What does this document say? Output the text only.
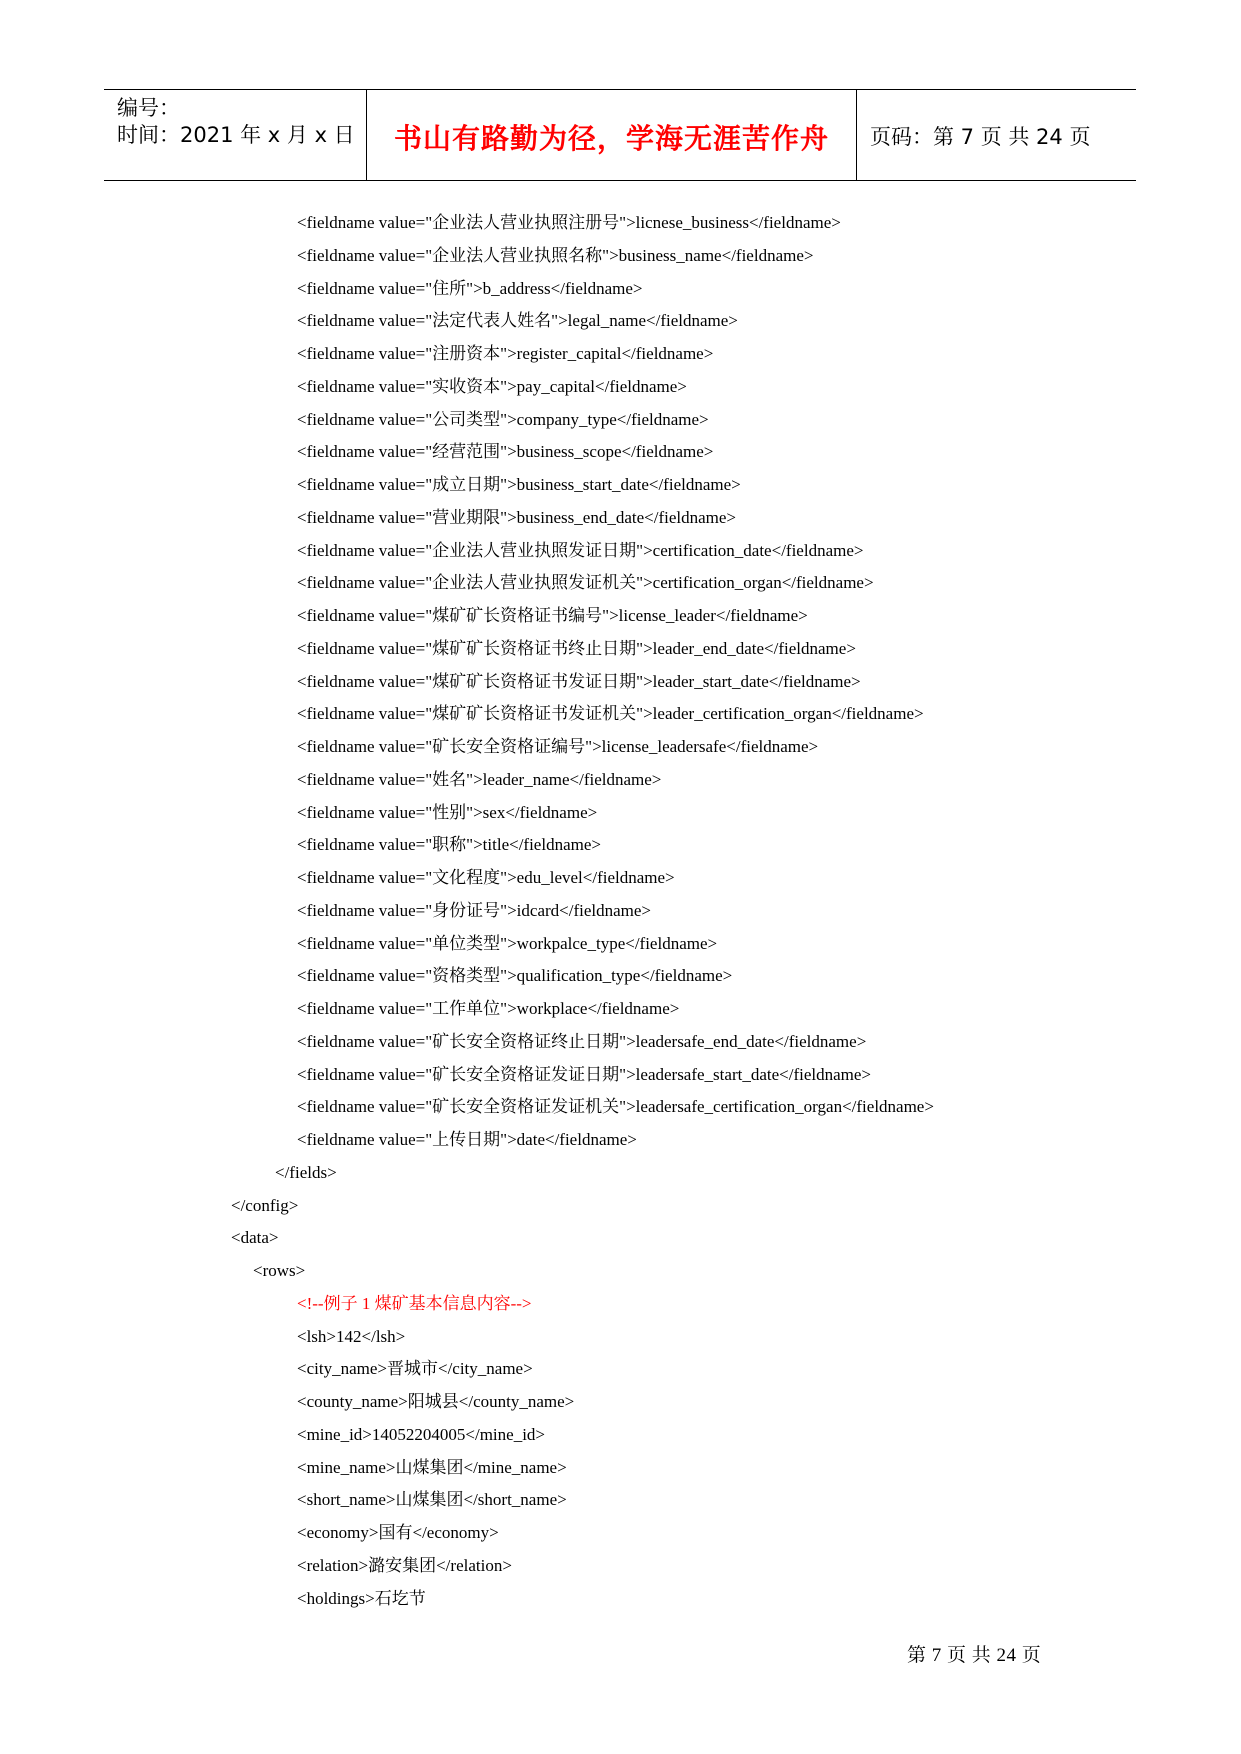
编号：
时间：2021 年 x 月 x 日	书山有路勤为径，学海无涯苦作舟	页码：第 7 页 共 24 页
<fieldname value="企业法人营业执照注册号">licnese_business</fieldname>
<fieldname value="企业法人营业执照名称">business_name</fieldname>
<fieldname value="住所">b_address</fieldname>
<fieldname value="法定代表人姓名">legal_name</fieldname>
<fieldname value="注册资本">register_capital</fieldname>
<fieldname value="实收资本">pay_capital</fieldname>
<fieldname value="公司类型">company_type</fieldname>
<fieldname value="经营范围">business_scope</fieldname>
<fieldname value="成立日期">business_start_date</fieldname>
<fieldname value="营业期限">business_end_date</fieldname>
<fieldname value="企业法人营业执照发证日期">certification_date</fieldname>
<fieldname value="企业法人营业执照发证机关">certification_organ</fieldname>
<fieldname value="煤矿矿长资格证书编号">license_leader</fieldname>
<fieldname value="煤矿矿长资格证书终止日期">leader_end_date</fieldname>
<fieldname value="煤矿矿长资格证书发证日期">leader_start_date</fieldname>
<fieldname value="煤矿矿长资格证书发证机关">leader_certification_organ</fieldname>
<fieldname value="矿长安全资格证编号">license_leadersafe</fieldname>
<fieldname value="姓名">leader_name</fieldname>
<fieldname value="性别">sex</fieldname>
<fieldname value="职称">title</fieldname>
<fieldname value="文化程度">edu_level</fieldname>
<fieldname value="身份证号">idcard</fieldname>
<fieldname value="单位类型">workpalce_type</fieldname>
<fieldname value="资格类型">qualification_type</fieldname>
<fieldname value="工作单位">workplace</fieldname>
<fieldname value="矿长安全资格证终止日期">leadersafe_end_date</fieldname>
<fieldname value="矿长安全资格证发证日期">leadersafe_start_date</fieldname>
<fieldname value="矿长安全资格证发证机关">leadersafe_certification_organ</fieldname>
<fieldname value="上传日期">date</fieldname>
</fields>
</config>
<data>
<rows>
<!--例子 1 煤矿基本信息内容-->
<lsh>142</lsh>
<city_name>晋城市</city_name>
<county_name>阳城县</county_name>
<mine_id>14052204005</mine_id>
<mine_name>山煤集团</mine_name>
<short_name>山煤集团</short_name>
<economy>国有</economy>
<relation>潞安集团</relation>
<holdings>石圪节
第 7 页 共 24 页
